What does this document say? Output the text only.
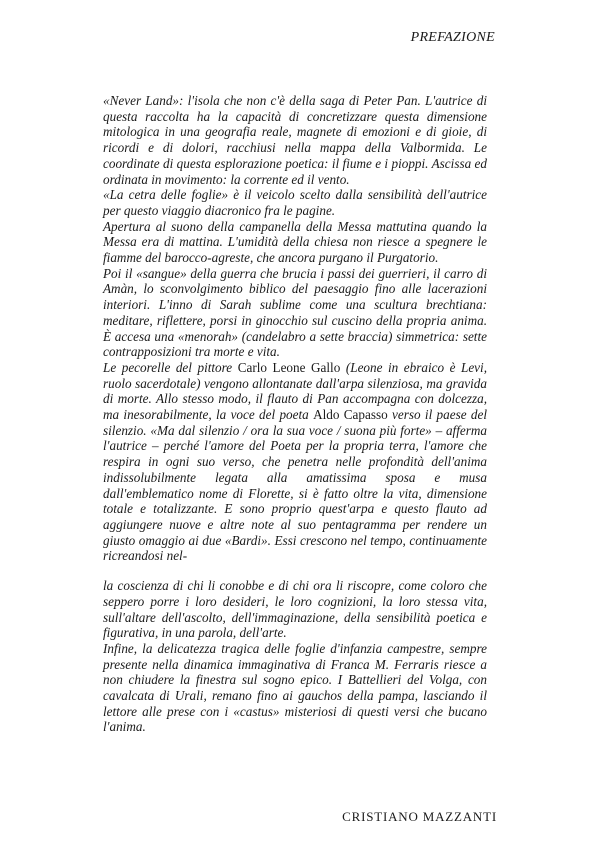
PREFAZIONE

«Never Land»: l'isola che non c'è della saga di Peter Pan. L'autrice di questa raccolta ha la capacità di concretizzare questa dimensione mitologica in una geografia reale, magnete di emozioni e di gioie, di ricordi e di dolori, racchiusi nella mappa della Valbormida. Le coordinate di questa esplorazione poetica: il fiume e i pioppi. Ascissa ed ordinata in movimento: la corrente ed il vento.

«La cetra delle foglie» è il veicolo scelto dalla sensibilità dell'autrice per questo viaggio diacronico fra le pagine.

Apertura al suono della campanella della Messa mattutina quando la Messa era di mattina. L'umidità della chiesa non riesce a spegnere le fiamme del barocco-agreste, che ancora purgano il Purgatorio.

Poi il «sangue» della guerra che brucia i passi dei guerrieri, il carro di Amàn, lo sconvolgimento biblico del paesaggio fino alle lacerazioni interiori. L'inno di Sarah sublime come una scultura brechtiana: meditare, riflettere, porsi in ginocchio sul cuscino della propria anima. È accesa una «menorah» (candelabro a sette braccia) simmetrica: sette contrapposizioni tra morte e vita.

Le pecorelle del pittore Carlo Leone Gallo (Leone in ebraico è Levi, ruolo sacerdotale) vengono allontanate dall'arpa silenziosa, ma gravida di morte. Allo stesso modo, il flauto di Pan accompagna con dolcezza, ma inesorabilmente, la voce del poeta Aldo Capasso verso il paese del silenzio. «Ma dal silenzio / ora la sua voce / suona più forte» – afferma l'autrice – perché l'amore del Poeta per la propria terra, l'amore che respira in ogni suo verso, che penetra nelle profondità dell'anima indissolubilmente legata alla amatissima sposa e musa dall'emblematico nome di Florette, si è fatto oltre la vita, dimensione totale e totalizzante. E sono proprio quest'arpa e questo flauto ad aggiungere nuove e altre note al suo pentagramma per rendere un giusto omaggio ai due «Bardi». Essi crescono nel tempo, continuamente ricreandosi nel-

la coscienza di chi li conobbe e di chi ora li riscopre, come coloro che seppero porre i loro desideri, le loro cognizioni, la loro stessa vita, sull'altare dell'ascolto, dell'immaginazione, della sensibilità poetica e figurativa, in una parola, dell'arte.

Infine, la delicatezza tragica delle foglie d'infanzia campestre, sempre presente nella dinamica immaginativa di Franca M. Ferraris riesce a non chiudere la finestra sul sogno epico. I Battellieri del Volga, con cavalcata di Urali, remano fino ai gauchos della pampa, lasciando il lettore alle prese con i «castus» misteriosi di questi versi che bucano l'anima.

CRISTIANO MAZZANTI
